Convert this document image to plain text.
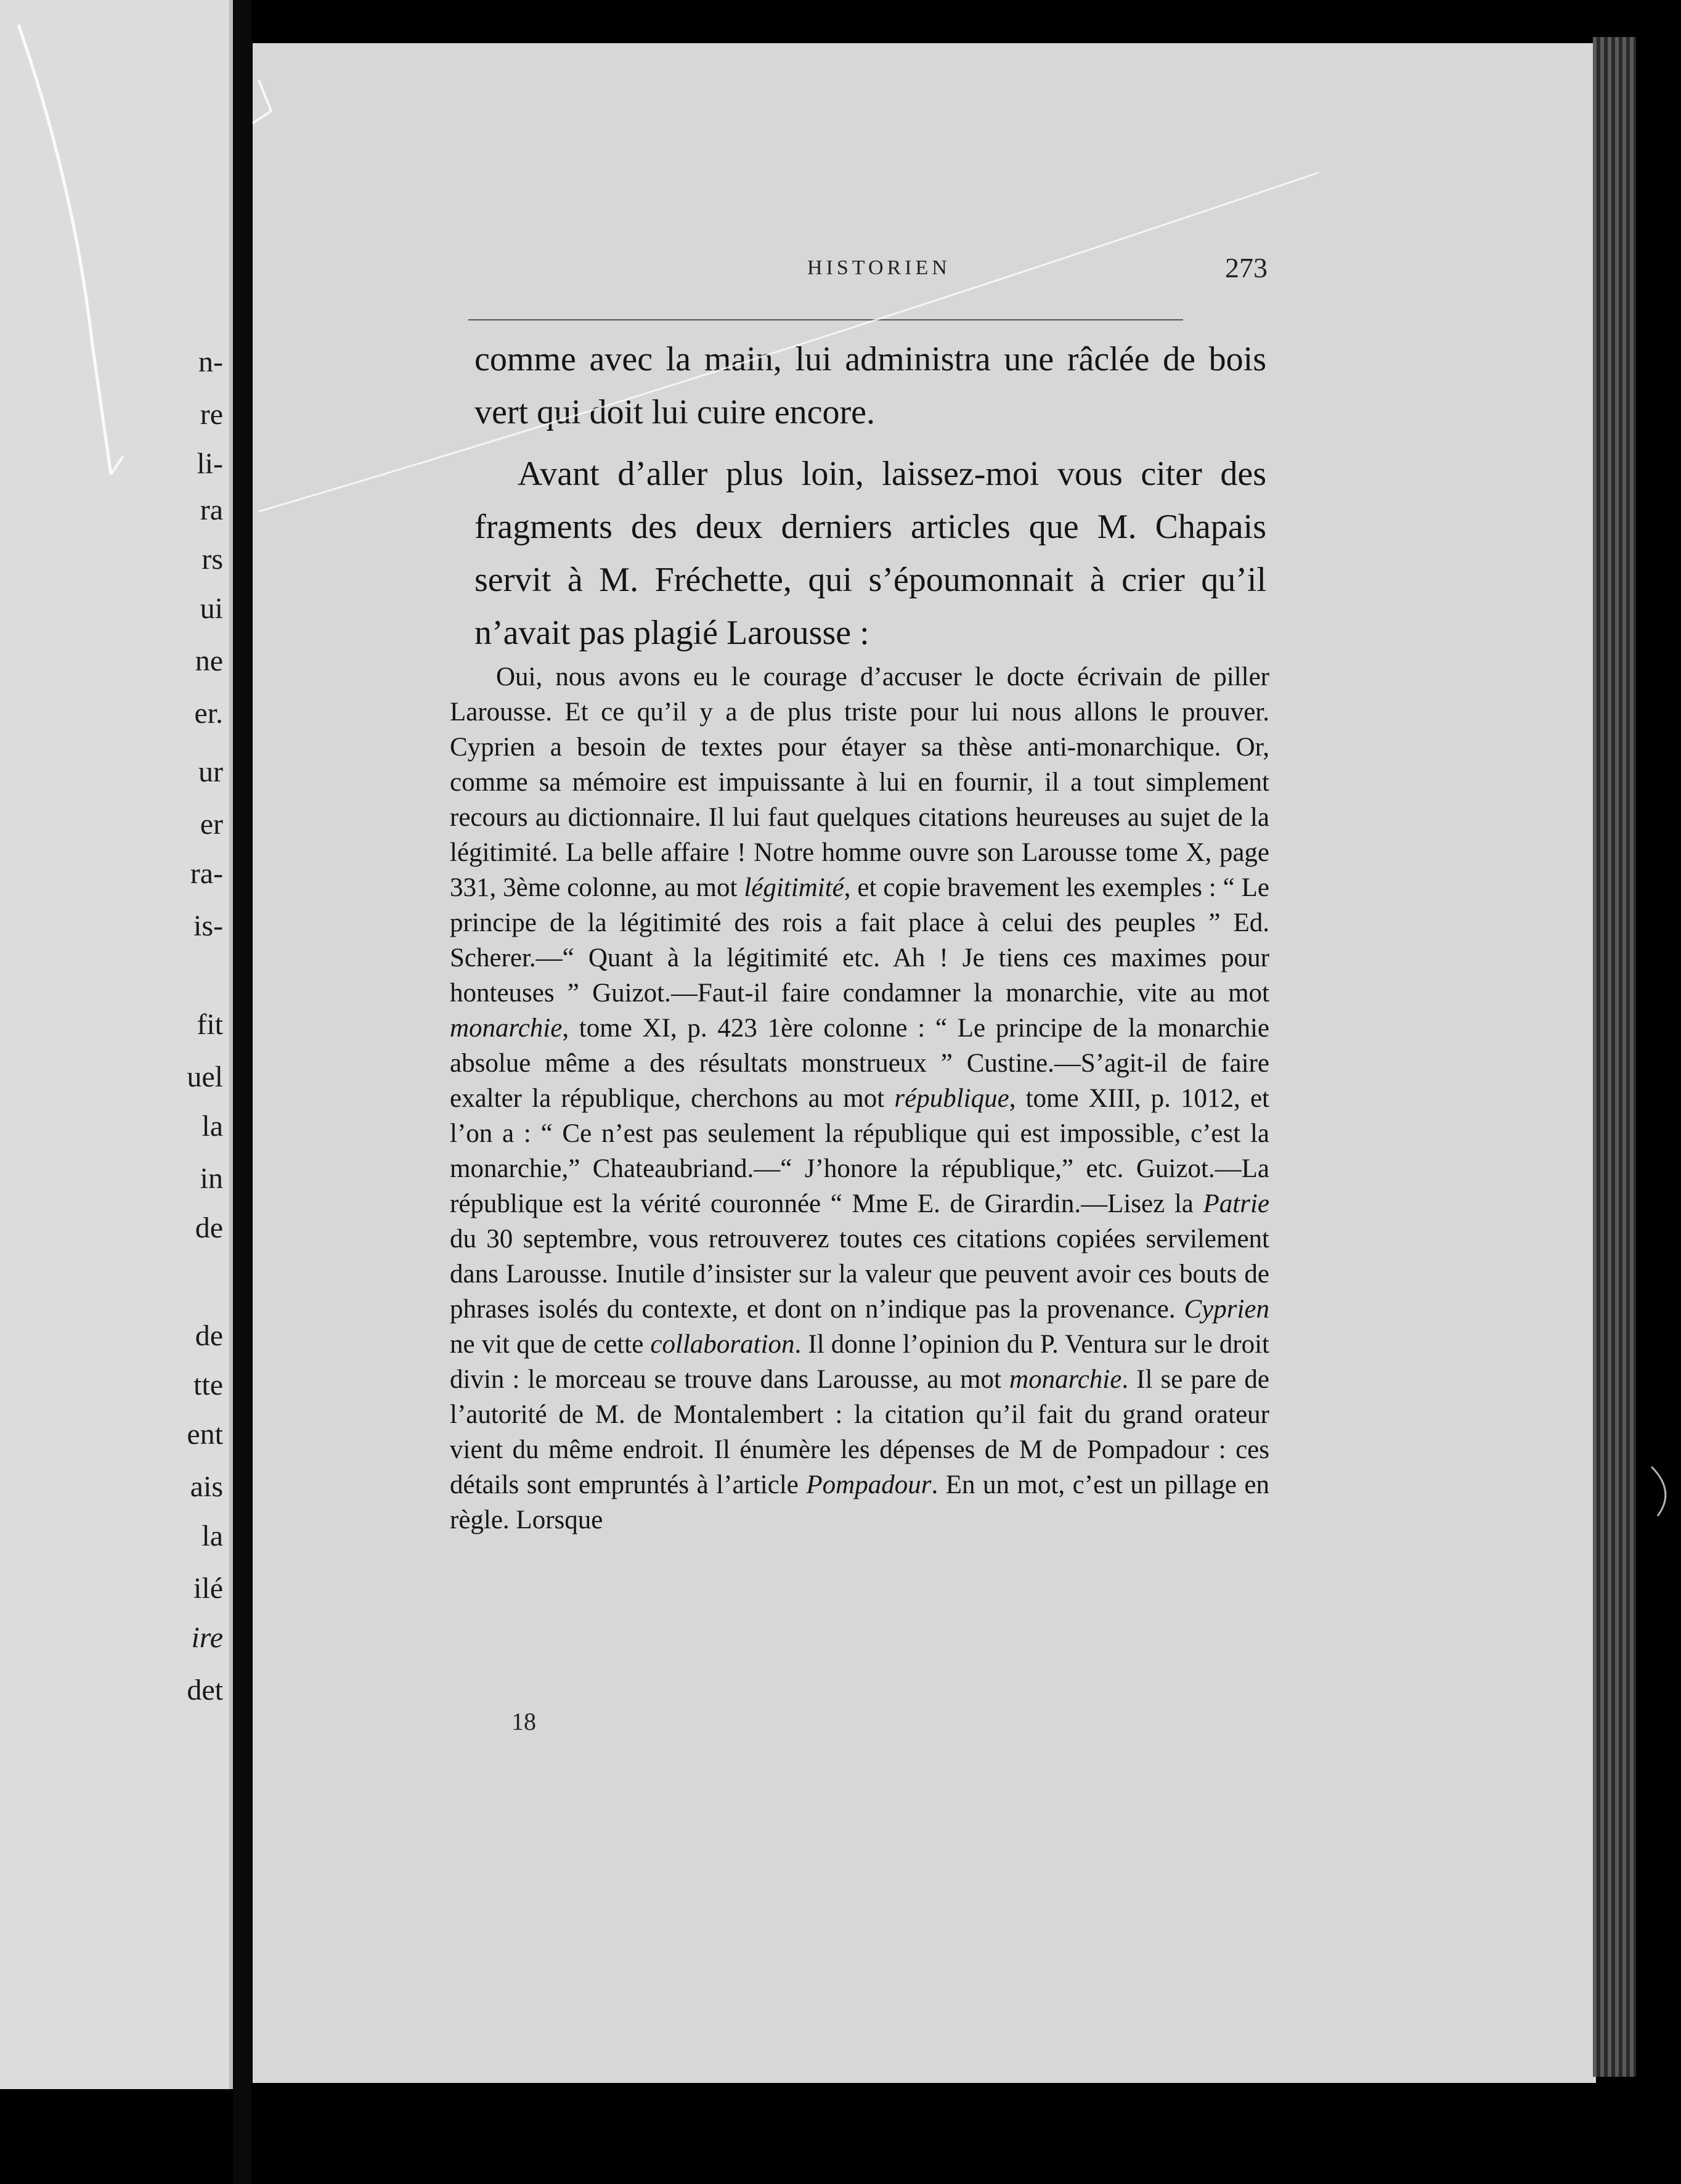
n-
re
li-
ra
rs
ui
ne
er.
ur
er
ra-
is-
fit
uel
la
in
de
de
tte
ent
ais
la
ilé
ire
det
HISTORIEN	273

comme avec la main, lui administra une râclée de bois vert qui doit lui cuire encore.

Avant d’aller plus loin, laissez-moi vous citer des fragments des deux derniers articles que M. Chapais servit à M. Fréchette, qui s’époumonnait à crier qu’il n’avait pas plagié Larousse :

Oui, nous avons eu le courage d’accuser le docte écrivain de piller Larousse. Et ce qu’il y a de plus triste pour lui nous allons le prouver. Cyprien a besoin de textes pour étayer sa thèse anti-monarchique. Or, comme sa mémoire est impuissante à lui en fournir, il a tout simplement recours au dictionnaire. Il lui faut quelques citations heureuses au sujet de la légitimité. La belle affaire ! Notre homme ouvre son Larousse tome X, page 331, 3ème colonne, au mot légitimité, et copie bravement les exemples : “ Le principe de la légitimité des rois a fait place à celui des peuples ” Ed. Scherer.—“ Quant à la légitimité etc. Ah ! Je tiens ces maximes pour honteuses ” Guizot.—Faut-il faire condamner la monarchie, vite au mot monarchie, tome XI, p. 423 1ère colonne : “ Le principe de la monarchie absolue même a des résultats monstrueux ” Custine.—S’agit-il de faire exalter la république, cherchons au mot république, tome XIII, p. 1012, et l’on a : “ Ce n’est pas seulement la république qui est impossible, c’est la monarchie,” Chateaubriand.—“ J’honore la république,” etc. Guizot.—La république est la vérité couronnée “ Mme E. de Girardin.—Lisez la Patrie du 30 septembre, vous retrouverez toutes ces citations copiées servilement dans Larousse. Inutile d’insister sur la valeur que peuvent avoir ces bouts de phrases isolés du contexte, et dont on n’indique pas la provenance. Cyprien ne vit que de cette collaboration. Il donne l’opinion du P. Ventura sur le droit divin : le morceau se trouve dans Larousse, au mot monarchie. Il se pare de l’autorité de M. de Montalembert : la citation qu’il fait du grand orateur vient du même endroit. Il énumère les dépenses de M de Pompadour : ces détails sont empruntés à l’article Pompadour. En un mot, c’est un pillage en règle. Lorsque

18
